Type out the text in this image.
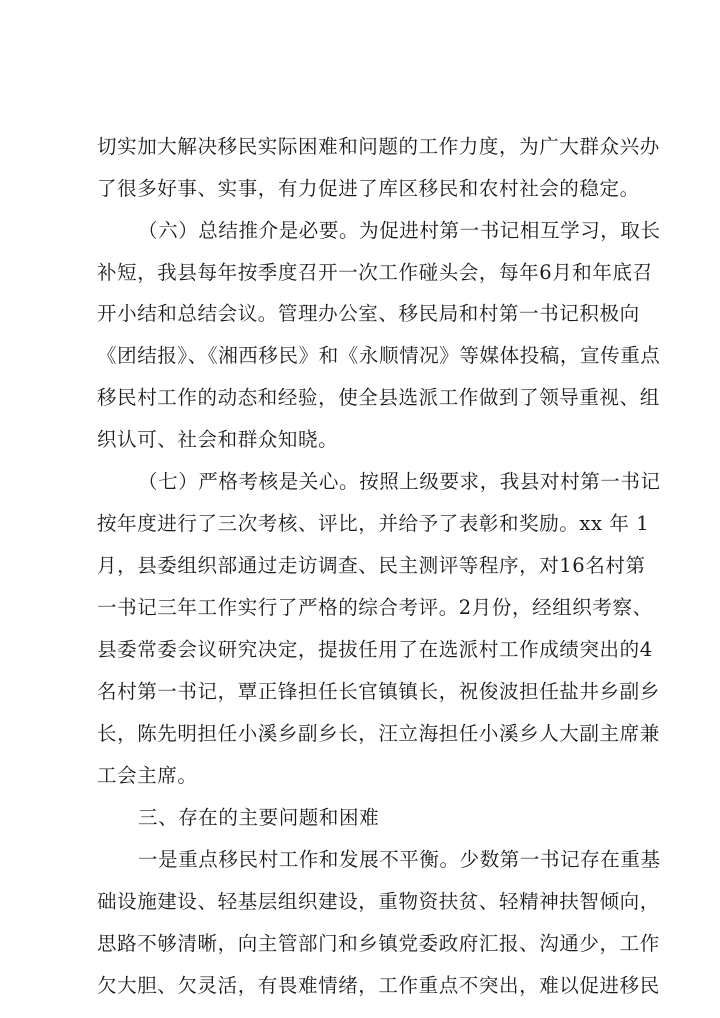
切实加大解决移民实际困难和问题的工作力度，为广大群众兴办
了很多好事、实事，有力促进了库区移民和农村社会的稳定。
（六）总结推介是必要。为促进村第一书记相互学习，取长
补短，我县每年按季度召开一次工作碰头会，每年6月和年底召
开小结和总结会议。管理办公室、移民局和村第一书记积极向
《团结报》、《湘西移民》和《永顺情况》等媒体投稿，宣传重点
移民村工作的动态和经验，使全县选派工作做到了领导重视、组
织认可、社会和群众知晓。
（七）严格考核是关心。按照上级要求，我县对村第一书记
按年度进行了三次考核、评比，并给予了表彰和奖励。xx 年 1
月，县委组织部通过走访调查、民主测评等程序，对16名村第
一书记三年工作实行了严格的综合考评。2月份，经组织考察、
县委常委会议研究决定，提拔任用了在选派村工作成绩突出的4
名村第一书记，覃正锋担任长官镇镇长，祝俊波担任盐井乡副乡
长，陈先明担任小溪乡副乡长，汪立海担任小溪乡人大副主席兼
工会主席。
三、存在的主要问题和困难
一是重点移民村工作和发展不平衡。少数第一书记存在重基
础设施建设、轻基层组织建设，重物资扶贫、轻精神扶智倾向，
思路不够清晰，向主管部门和乡镇党委政府汇报、沟通少，工作
欠大胆、欠灵活，有畏难情绪，工作重点不突出，难以促进移民
